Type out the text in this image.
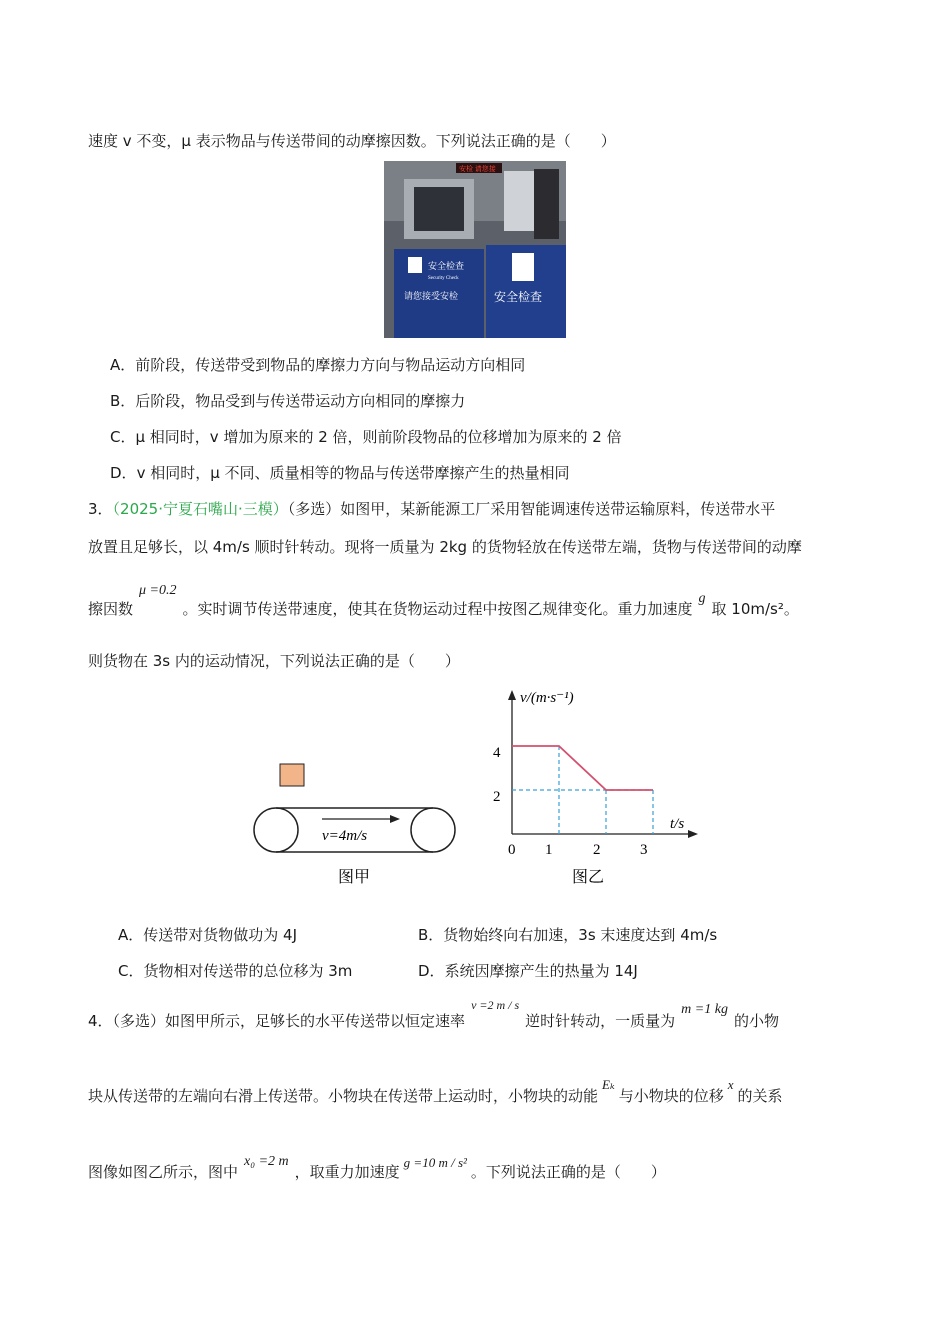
速度 v 不变，μ 表示物品与传送带间的动摩擦因数。下列说法正确的是（　　）
安检 请您接
安全检查
Security Check
请您接受安检	安全检查
A．前阶段，传送带受到物品的摩擦力方向与物品运动方向相同
B．后阶段，物品受到与传送带运动方向相同的摩擦力
C．μ 相同时，v 增加为原来的 2 倍，则前阶段物品的位移增加为原来的 2 倍
D．v 相同时，μ 不同、质量相等的物品与传送带摩擦产生的热量相同
3．（2025·宁夏石嘴山·三模）（多选）如图甲，某新能源工厂采用智能调速传送带运输原料，传送带水平
放置且足够长，以 4m/s 顺时针转动。现将一质量为 2kg 的货物轻放在传送带左端，货物与传送带间的动摩
擦因数μ =0.2。实时调节传送带速度，使其在货物运动过程中按图乙规律变化。重力加速度g取 10m/s²。
则货物在 3s 内的运动情况，下列说法正确的是（　　）
v=4m/s
图甲
v/(m·s⁻¹)
t/s
0
4
2
1	2	3
图乙
A．传送带对货物做功为 4J	B．货物始终向右加速，3s 末速度达到 4m/s
C．货物相对传送带的总位移为 3m	D．系统因摩擦产生的热量为 14J
4．（多选）如图甲所示，足够长的水平传送带以恒定速率$^{v =2 m / s}$逆时针转动，一质量为m =1 kg的小物
块从传送带的左端向右滑上传送带。小物块在传送带上运动时，小物块的动能Eₖ与小物块的位移x的关系
图像如图乙所示，图中x₀ =2 m，取重力加速度g =10 m / s²。下列说法正确的是（　　）
